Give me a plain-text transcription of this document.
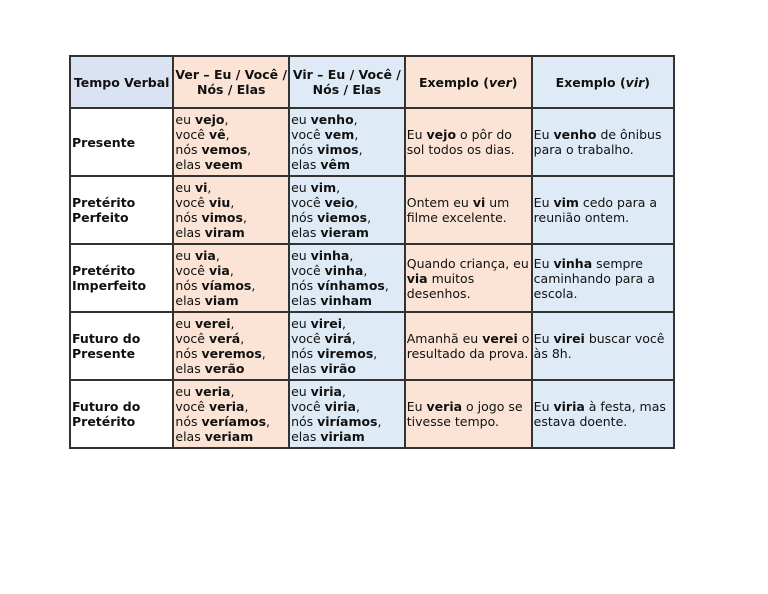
Tempo Verbal	Ver – Eu / Você / Nós / Elas	Vir – Eu / Você / Nós / Elas	Exemplo (ver)	Exemplo (vir)
Presente	eu vejo,
você vê,
nós vemos,
elas veem	eu venho,
você vem,
nós vimos,
elas vêm	Eu vejo o pôr do sol todos os dias.	Eu venho de ônibus para o trabalho.

Pretérito Perfeito	eu vi,
você viu,
nós vimos,
elas viram	eu vim,
você veio,
nós viemos,
elas vieram	Ontem eu vi um filme excelente.	Eu vim cedo para a reunião ontem.

Pretérito Imperfeito	eu via,
você via,
nós víamos,
elas viam	eu vinha,
você vinha,
nós vínhamos,
elas vinham	Quando criança, eu via muitos desenhos.	Eu vinha sempre caminhando para a escola.

Futuro do Presente	eu verei,
você verá,
nós veremos,
elas verão	eu virei,
você virá,
nós viremos,
elas virão	Amanhã eu verei o resultado da prova.	Eu virei buscar você às 8h.

Futuro do Pretérito	eu veria,
você veria,
nós veríamos,
elas veriam	eu viria,
você viria,
nós viríamos,
elas viriam	Eu veria o jogo se tivesse tempo.	Eu viria à festa, mas estava doente.
